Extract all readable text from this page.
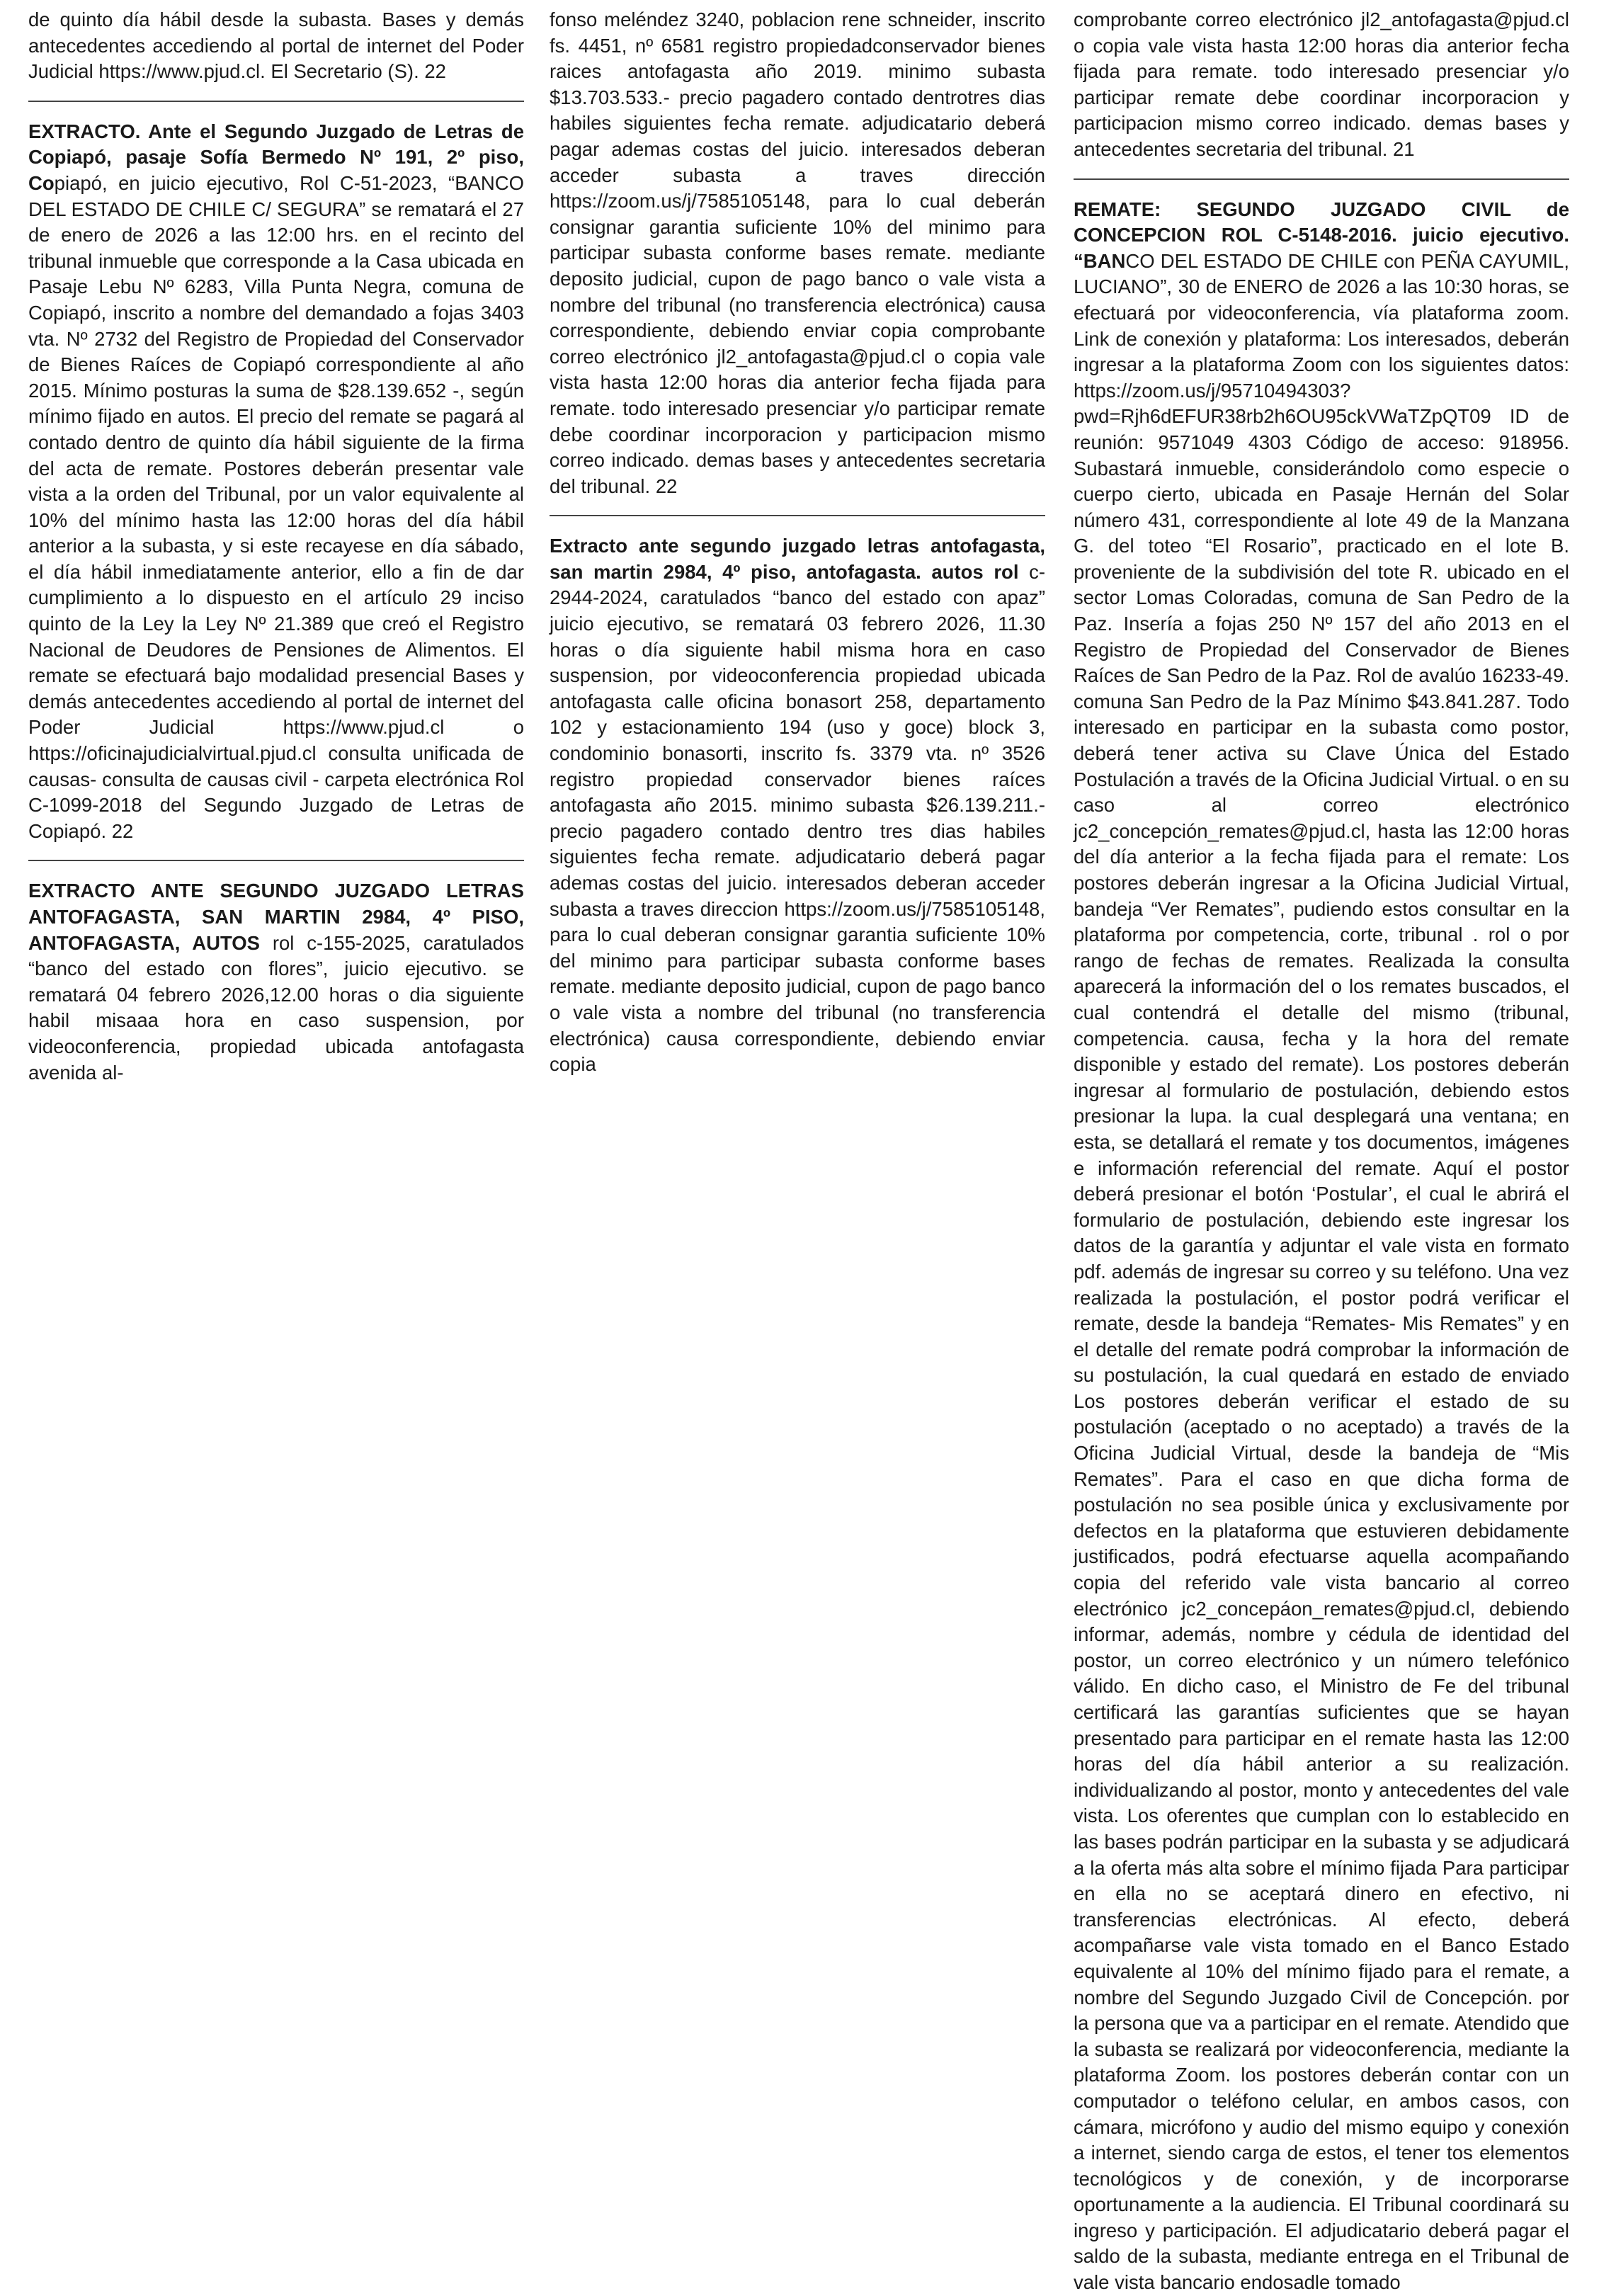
de quinto día hábil desde la subasta. Bases y demás antecedentes accediendo al portal de internet del Poder Judicial https://www.pjud.cl. El Secretario (S). 22

EXTRACTO. Ante el Segundo Juzgado de Letras de Copiapó, pasaje Sofía Bermedo Nº 191, 2º piso, Copiapó, en juicio ejecutivo, Rol C-51-2023, “BANCO DEL ESTADO DE CHILE C/ SEGURA” se rematará el 27 de enero de 2026 a las 12:00 hrs. en el recinto del tribunal inmueble que corresponde a la Casa ubicada en Pasaje Lebu Nº 6283, Villa Punta Negra, comuna de Copiapó, inscrito a nombre del demandado a fojas 3403 vta. Nº 2732 del Registro de Propiedad del Conservador de Bienes Raíces de Copiapó correspondiente al año 2015. Mínimo posturas la suma de $28.139.652 -, según mínimo fijado en autos. El precio del remate se pagará al contado dentro de quinto día hábil siguiente de la firma del acta de remate. Postores deberán presentar vale vista a la orden del Tribunal, por un valor equivalente al 10% del mínimo hasta las 12:00 horas del día hábil anterior a la subasta, y si este recayese en día sábado, el día hábil inmediatamente anterior, ello a fin de dar cumplimiento a lo dispuesto en el artículo 29 inciso quinto de la Ley la Ley Nº 21.389 que creó el Registro Nacional de Deudores de Pensiones de Alimentos. El remate se efectuará bajo modalidad presencial Bases y demás antecedentes accediendo al portal de internet del Poder Judicial https://www.pjud.cl o https://oficinajudicialvirtual.pjud.cl consulta unificada de causas- consulta de causas civil - carpeta electrónica Rol C-1099-2018 del Segundo Juzgado de Letras de Copiapó. 22

EXTRACTO ANTE SEGUNDO JUZGADO LETRAS ANTOFAGASTA, SAN MARTIN 2984, 4º PISO, ANTOFAGASTA, AUTOS rol c-155-2025, caratulados “banco del estado con flores”, juicio ejecutivo. se rematará 04 febrero 2026,12.00 horas o dia siguiente habil misaaa hora en caso suspension, por videoconferencia, propiedad ubicada antofagasta avenida al-

fonso meléndez 3240, poblacion rene schneider, inscrito fs. 4451, nº 6581 registro propiedadconservador bienes raices antofagasta año 2019. minimo subasta $13.703.533.- precio pagadero contado dentrotres dias habiles siguientes fecha remate. adjudicatario deberá pagar ademas costas del juicio. interesados deberan acceder subasta a traves dirección https://zoom.us/j/7585105148, para lo cual deberán consignar garantia suficiente 10% del minimo para participar subasta conforme bases remate. mediante deposito judicial, cupon de pago banco o vale vista a nombre del tribunal (no transferencia electrónica) causa correspondiente, debiendo enviar copia comprobante correo electrónico jl2_antofagasta@pjud.cl o copia vale vista hasta 12:00 horas dia anterior fecha fijada para remate. todo interesado presenciar y/o participar remate debe coordinar incorporacion y participacion mismo correo indicado. demas bases y antecedentes secretaria del tribunal. 22

Extracto ante segundo juzgado letras antofagasta, san martin 2984, 4º piso, antofagasta. autos rol c-2944-2024, caratulados “banco del estado con apaz” juicio ejecutivo, se rematará 03 febrero 2026, 11.30 horas o día siguiente habil misma hora en caso suspension, por videoconferencia propiedad ubicada antofagasta calle oficina bonasort 258, departamento 102 y estacionamiento 194 (uso y goce) block 3, condominio bonasorti, inscrito fs. 3379 vta. nº 3526 registro propiedad conservador bienes raíces antofagasta año 2015. minimo subasta $26.139.211.- precio pagadero contado dentro tres dias habiles siguientes fecha remate. adjudicatario deberá pagar ademas costas del juicio. interesados deberan acceder subasta a traves direccion https://zoom.us/j/7585105148, para lo cual deberan consignar garantia suficiente 10% del minimo para participar subasta conforme bases remate. mediante deposito judicial, cupon de pago banco o vale vista a nombre del tribunal (no transferencia electrónica) causa correspondiente, debiendo enviar copia

comprobante correo electrónico jl2_antofagasta@pjud.cl o copia vale vista hasta 12:00 horas dia anterior fecha fijada para remate. todo interesado presenciar y/o participar remate debe coordinar incorporacion y participacion mismo correo indicado. demas bases y antecedentes secretaria del tribunal. 21

REMATE: SEGUNDO JUZGADO CIVIL de CONCEPCION ROL C-5148-2016. juicio ejecutivo. “BANCO DEL ESTADO DE CHILE con PEÑA CAYUMIL, LUCIANO”, 30 de ENERO de 2026 a las 10:30 horas, se efectuará por videoconferencia, vía plataforma zoom. Link de conexión y plataforma: Los interesados, deberán ingresar a la plataforma Zoom con los siguientes datos: https://zoom.us/j/95710494303?pwd=Rjh6dEFUR38rb2h6OU95ckVWaTZpQT09 ID de reunión: 9571049 4303 Código de acceso: 918956. Subastará inmueble, considerándolo como especie o cuerpo cierto, ubicada en Pasaje Hernán del Solar número 431, correspondiente al lote 49 de la Manzana G. del toteo “El Rosario”, practicado en el lote B. proveniente de la subdivisión del tote R. ubicado en el sector Lomas Coloradas, comuna de San Pedro de la Paz. Inseríа a fojas 250 Nº 157 del año 2013 en el Registro de Propiedad del Conservador de Bienes Raíces de San Pedro de la Paz. Rol de avalúo 16233-49. comuna San Pedro de la Paz Mínimo $43.841.287. Todo interesado en participar en la subasta como postor, deberá tener activa su Clave Única del Estado Postulación a través de la Oficina Judicial Virtual. o en su caso al correo electrónico jc2_concepción_remates@pjud.cl, hasta las 12:00 horas del día anterior a la fecha fijada para el remate: Los postores deberán ingresar a la Oficina Judicial Virtual, bandeja “Ver Remates”, pudiendo estos consultar en la plataforma por competencia, corte, tribunal . rol o por rango de fechas de remates. Realizada la consulta aparecerá la información del o los remates buscados, el cual contendrá el detalle del mismo (tribunal, competencia. causa, fecha y la hora del remate disponible y estado del remate). Los postores deberán ingresar al formulario de postulación, debiendo estos presionar la lupa. la cual desplegará una ventana; en esta, se detallará el remate y tos documentos, imágenes e información referencial del remate. Aquí el postor deberá presionar el botón ‘Postular’, el cual le abrirá el formulario de postulación, debiendo este ingresar los datos de la garantía y adjuntar el vale vista en formato pdf. además de ingresar su correo y su teléfono. Una vez realizada la postulación, el postor podrá verificar el remate, desde la bandeja “Remates- Mis Remates” y en el detalle del remate podrá comprobar la información de su postulación, la cual quedará en estado de enviado Los postores deberán verificar el estado de su postulación (aceptado o no aceptado) a través de la Oficina Judicial Virtual, desde la bandeja de “Mis Remates”. Para el caso en que dicha forma de postulación no sea posible única y exclusivamente por defectos en la plataforma que estuvieren debidamente justificados, podrá efectuarse aquella acompañando copia del referido vale vista bancario al correo electrónico jc2_concepáon_remates@pjud.cl, debiendo informar, además, nombre y cédula de identidad del postor, un correo electrónico y un número telefónico válido. En dicho caso, el Ministro de Fe del tribunal certificará las garantías suficientes que se hayan presentado para participar en el remate hasta las 12:00 horas del día hábil anterior a su realización. individualizando al postor, monto y antecedentes del vale vista. Los oferentes que cumplan con lo establecido en las bases podrán participar en la subasta y se adjudicará a la oferta más alta sobre el mínimo fijada Para participar en ella no se aceptará dinero en efectivo, ni transferencias electrónicas. Al efecto, deberá acompañarse vale vista tomado en el Banco Estado equivalente al 10% del mínimo fijado para el remate, a nombre del Segundo Juzgado Civil de Concepción. por la persona que va a participar en el remate. Atendido que la subasta se realizará por videoconferencia, mediante la plataforma Zoom. los postores deberán contar con un computador o teléfono celular, en ambos casos, con cámara, micrófono y audio del mismo equipo y conexión a internet, siendo carga de estos, el tener tos elementos tecnológicos y de conexión, y de incorporarse oportunamente a la audiencia. El Tribunal coordinará su ingreso y participación. El adjudicatario deberá pagar el saldo de la subasta, mediante entrega en el Tribunal de vale vista bancario endosadle tomado
